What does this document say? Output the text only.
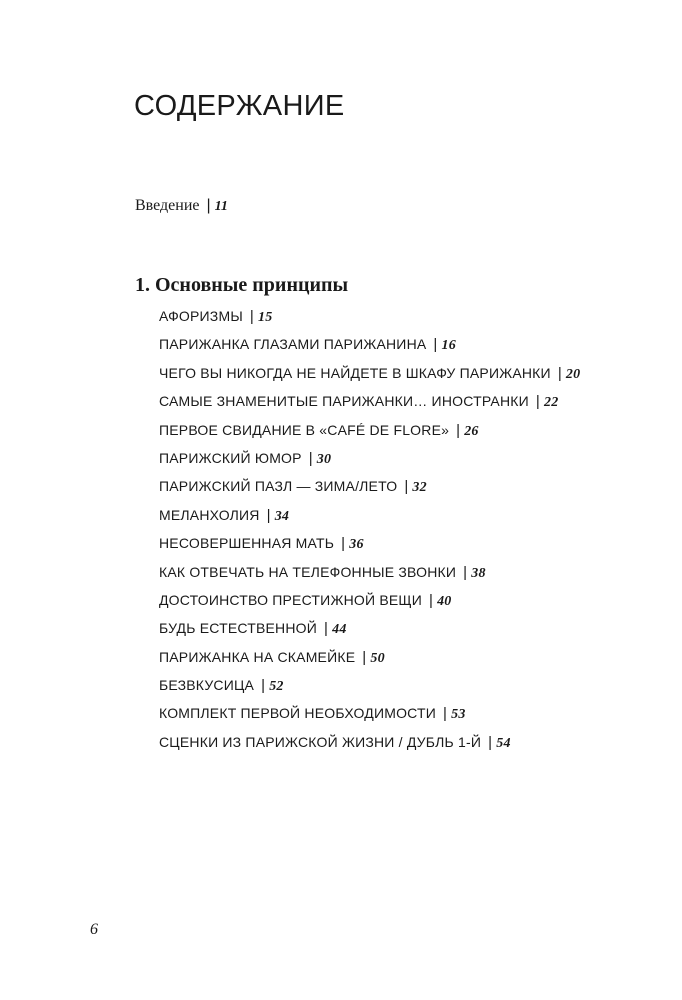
СОДЕРЖАНИЕ
Введение | 11
1. Основные принципы
АФОРИЗМЫ | 15
ПАРИЖАНКА ГЛАЗАМИ ПАРИЖАНИНА | 16
ЧЕГО ВЫ НИКОГДА НЕ НАЙДЕТЕ В ШКАФУ ПАРИЖАНКИ | 20
САМЫЕ ЗНАМЕНИТЫЕ ПАРИЖАНКИ… ИНОСТРАНКИ | 22
ПЕРВОЕ СВИДАНИЕ В «CAFÉ DE FLORE» | 26
ПАРИЖСКИЙ ЮМОР | 30
ПАРИЖСКИЙ ПАЗЛ — ЗИМА/ЛЕТО | 32
МЕЛАНХОЛИЯ | 34
НЕСОВЕРШЕННАЯ МАТЬ | 36
КАК ОТВЕЧАТЬ НА ТЕЛЕФОННЫЕ ЗВОНКИ | 38
ДОСТОИНСТВО ПРЕСТИЖНОЙ ВЕЩИ | 40
БУДЬ ЕСТЕСТВЕННОЙ | 44
ПАРИЖАНКА НА СКАМЕЙКЕ | 50
БЕЗВКУСИЦА | 52
КОМПЛЕКТ ПЕРВОЙ НЕОБХОДИМОСТИ | 53
СЦЕНКИ ИЗ ПАРИЖСКОЙ ЖИЗНИ / ДУБЛЬ 1-Й | 54
6
